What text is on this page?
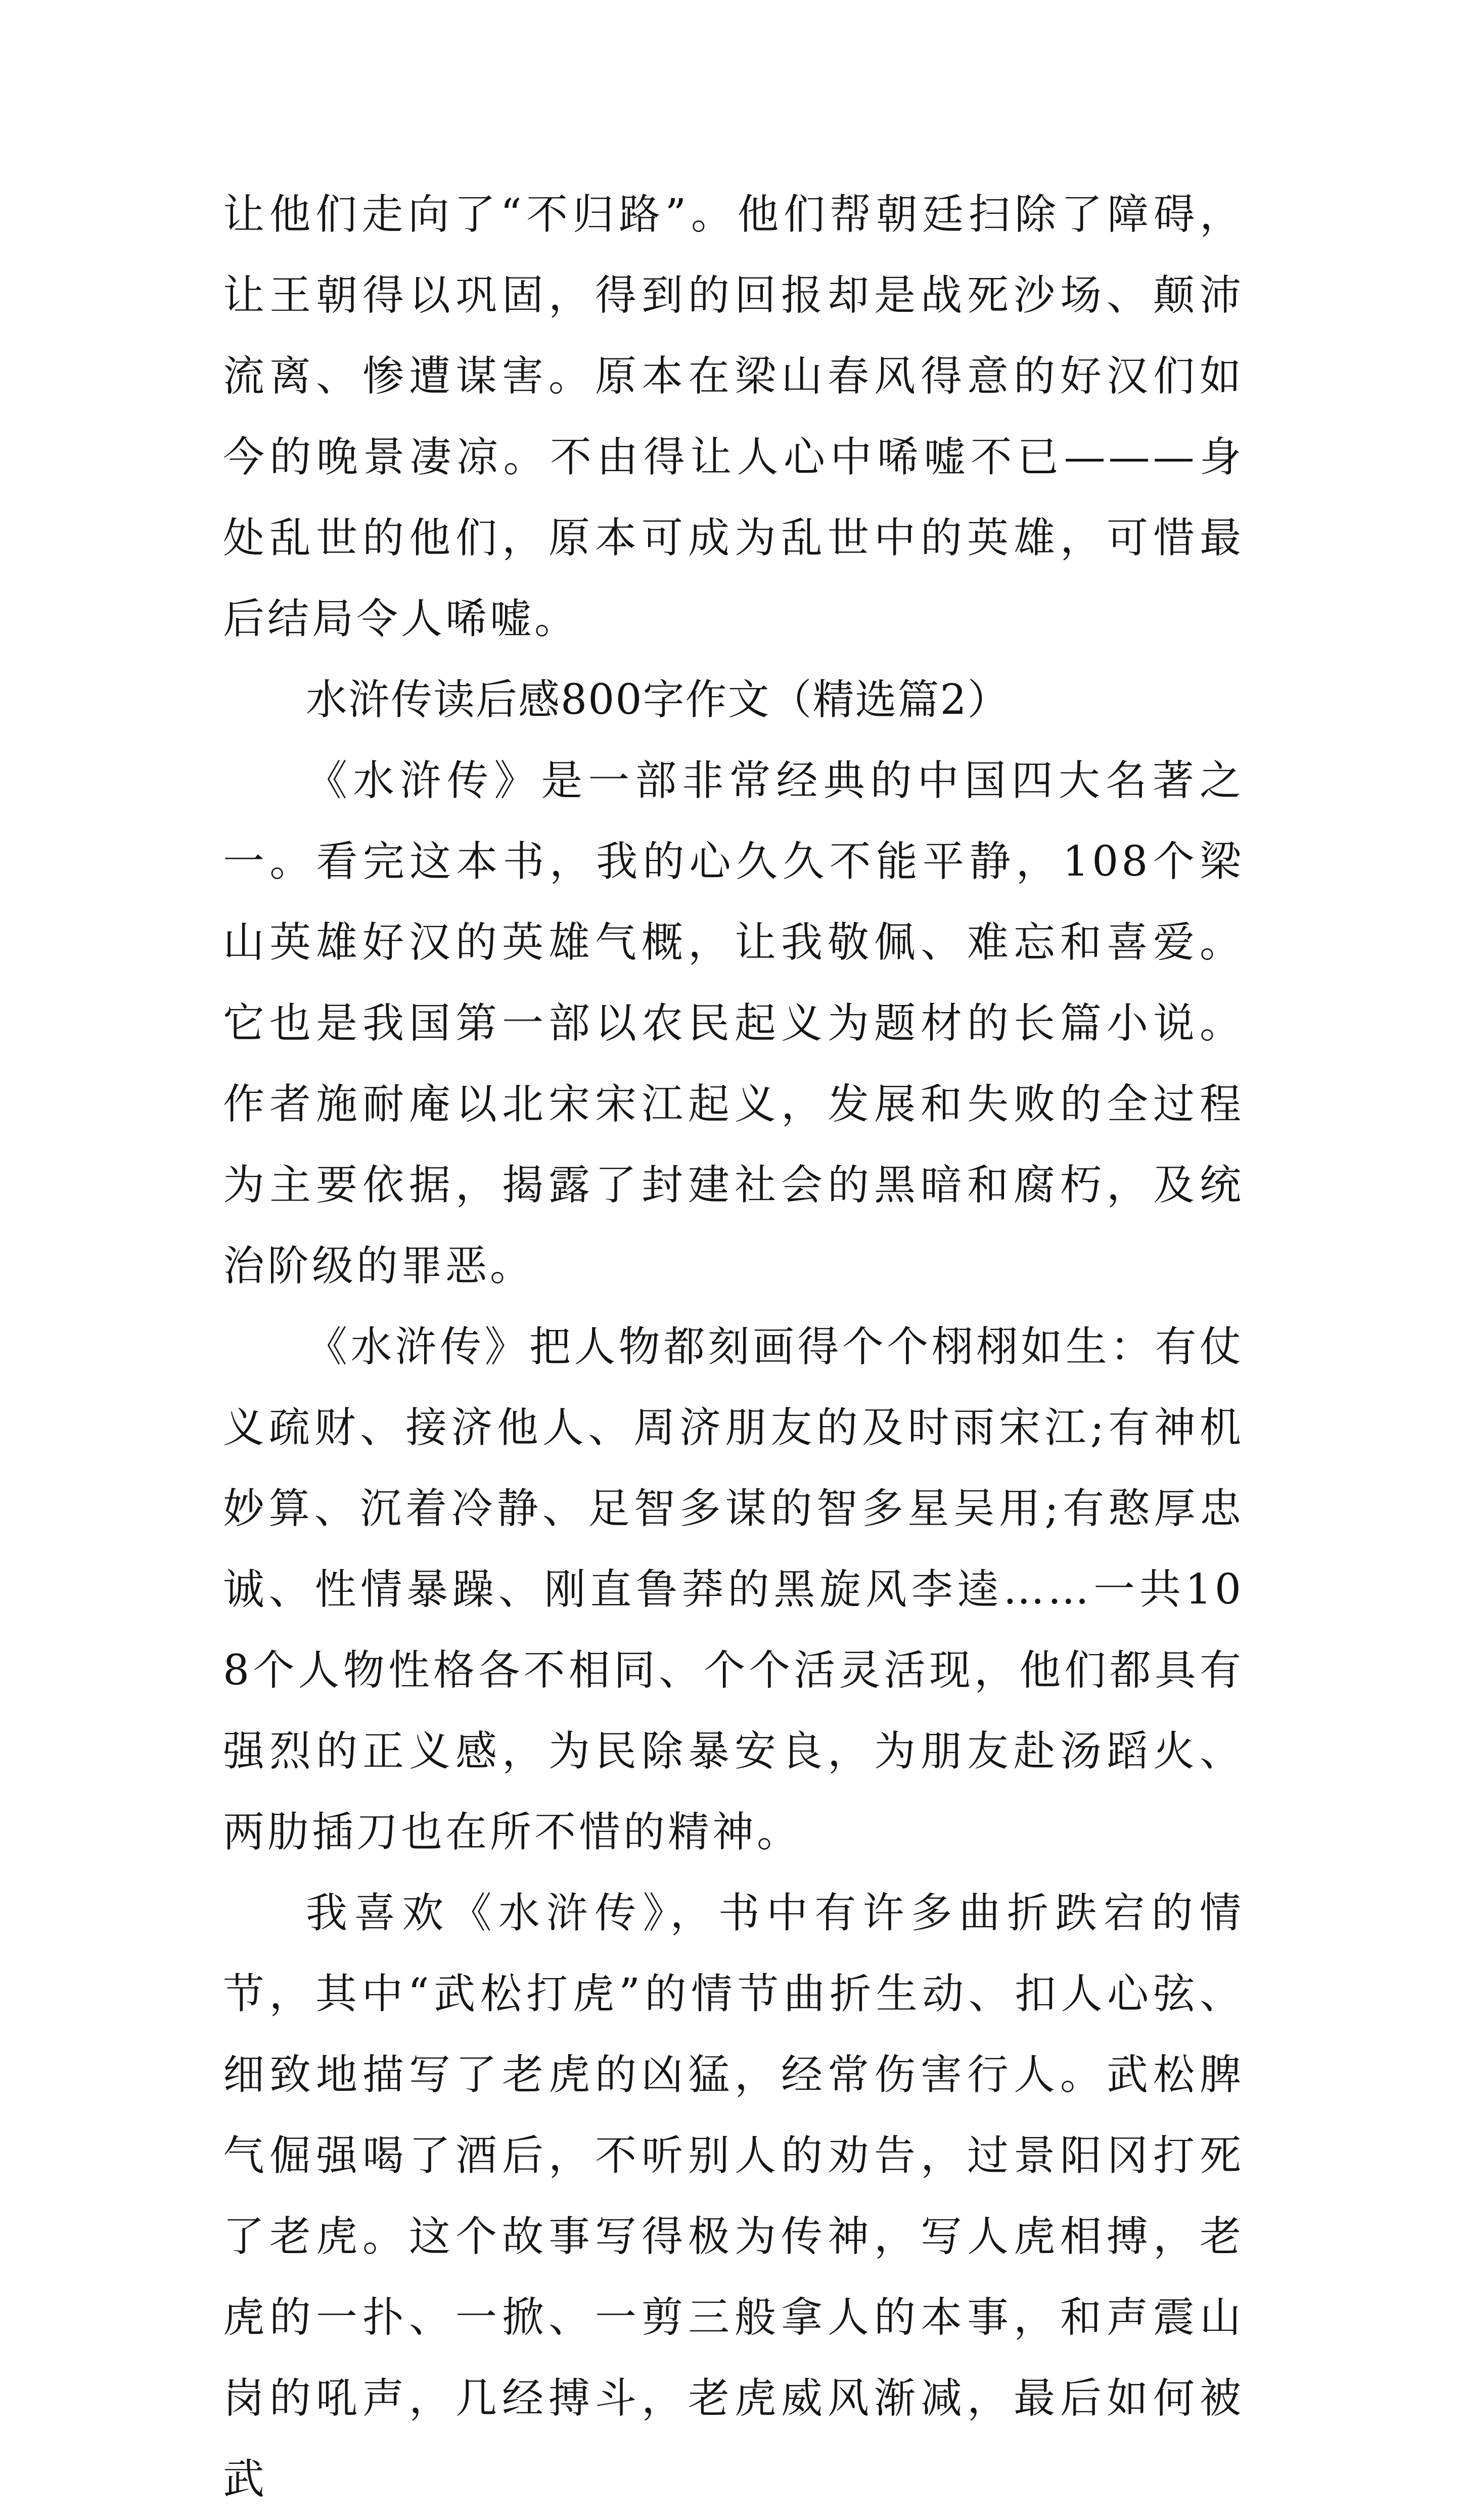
让他们走向了“不归路”。他们帮朝廷扫除了障碍，让王朝得以巩固，得到的回报却是战死沙场、颠沛流离、惨遭谋害。原本在梁山春风得意的好汉们如今的晚景凄凉。不由得让人心中唏嘘不已———身处乱世的他们，原本可成为乱世中的英雄，可惜最后结局令人唏嘘。

水浒传读后感800字作文（精选篇2）

《水浒传》是一部非常经典的中国四大名著之一。看完这本书，我的心久久不能平静，108个梁山英雄好汉的英雄气概，让我敬佩、难忘和喜爱。它也是我国第一部以农民起义为题材的长篇小说。作者施耐庵以北宋宋江起义，发展和失败的全过程为主要依据，揭露了封建社会的黑暗和腐朽，及统治阶级的罪恶。

《水浒传》把人物都刻画得个个栩栩如生：有仗义疏财、接济他人、周济朋友的及时雨宋江;有神机妙算、沉着冷静、足智多谋的智多星吴用;有憨厚忠诚、性情暴躁、刚直鲁莽的黑旋风李逵……一共108个人物性格各不相同、个个活灵活现，他们都具有强烈的正义感，为民除暴安良，为朋友赴汤蹈火、两肋插刀也在所不惜的精神。

我喜欢《水浒传》，书中有许多曲折跌宕的情节，其中“武松打虎”的情节曲折生动、扣人心弦、细致地描写了老虎的凶猛，经常伤害行人。武松脾气倔强喝了酒后，不听别人的劝告，过景阳冈打死了老虎。这个故事写得极为传神，写人虎相搏，老虎的一扑、一掀、一剪三般拿人的本事，和声震山岗的吼声，几经搏斗，老虎威风渐减，最后如何被武
